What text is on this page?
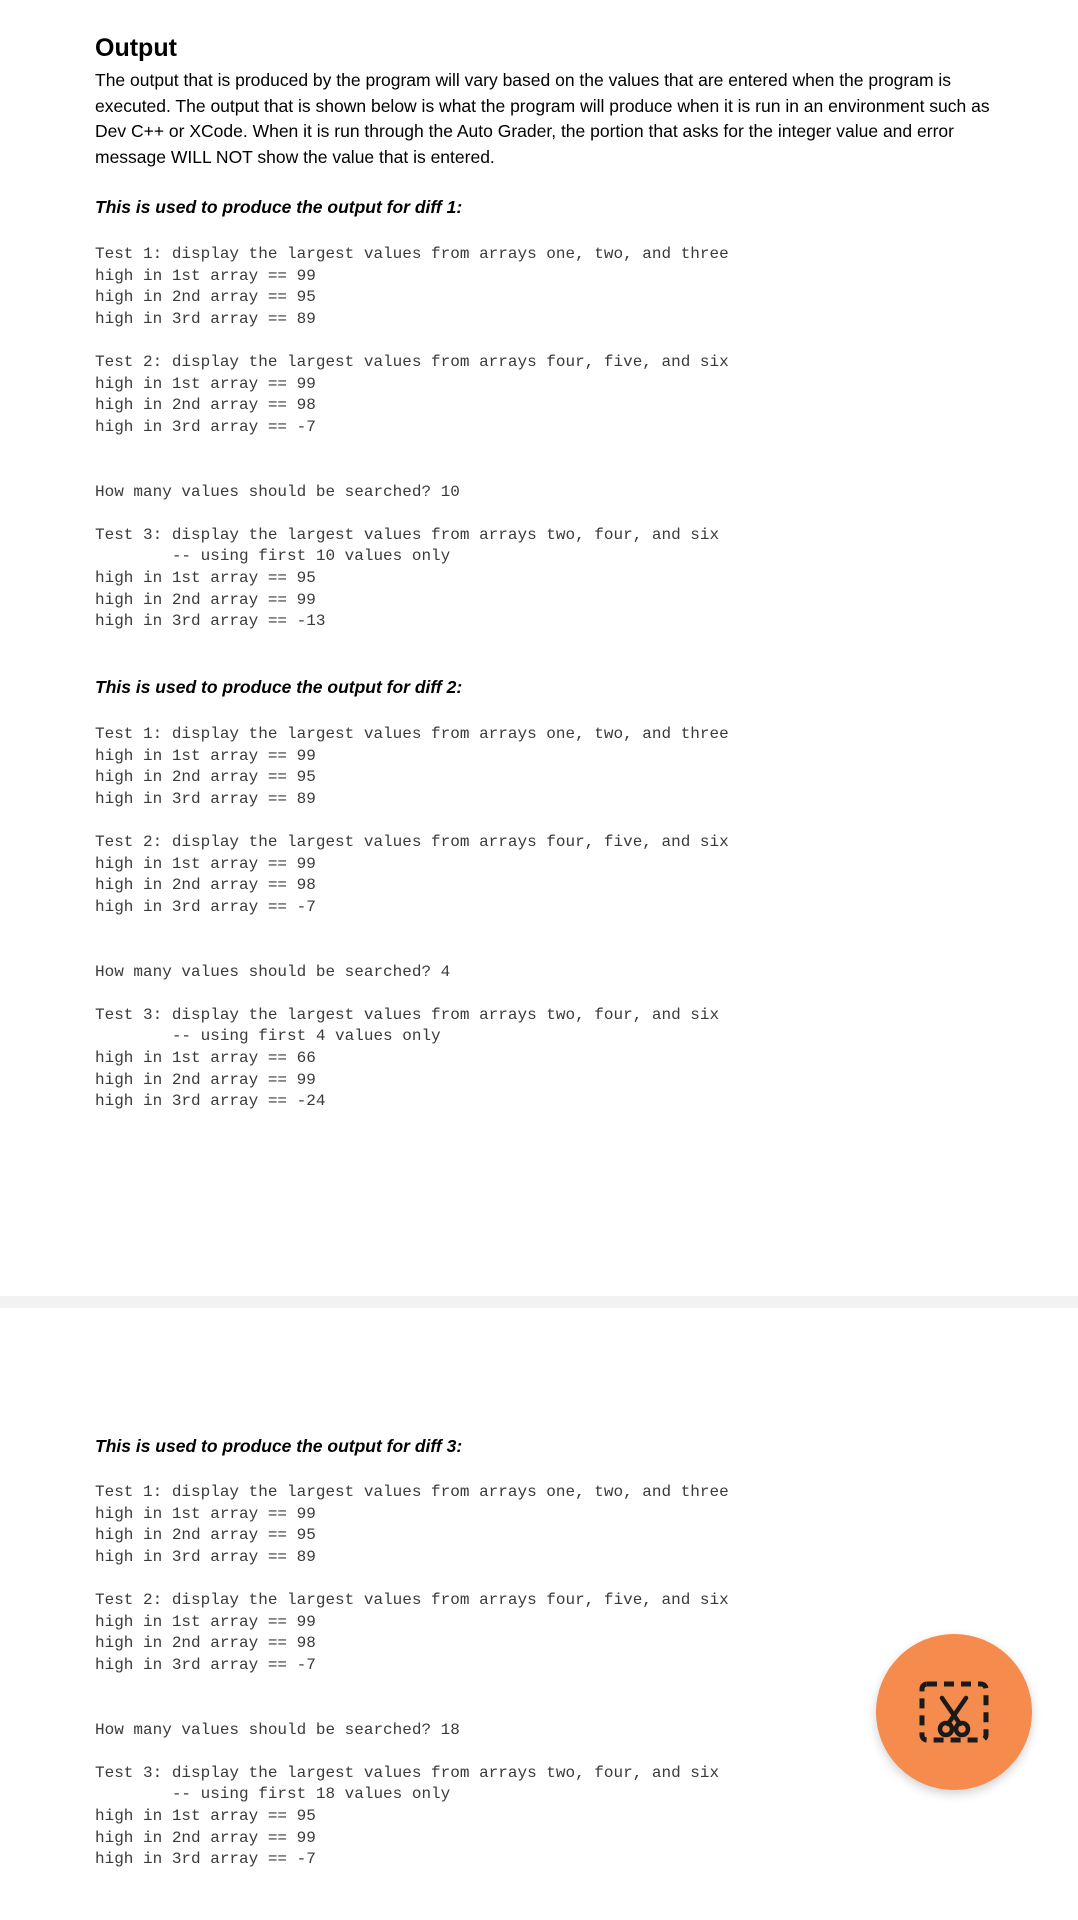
Output

The output that is produced by the program will vary based on the values that are entered when the program is executed. The output that is shown below is what the program will produce when it is run in an environment such as Dev C++ or XCode. When it is run through the Auto Grader, the portion that asks for the integer value and error message WILL NOT show the value that is entered.

This is used to produce the output for diff 1:

Test 1: display the largest values from arrays one, two, and three
high in 1st array == 99
high in 2nd array == 95
high in 3rd array == 89
Test 2: display the largest values from arrays four, five, and six
high in 1st array == 99
high in 2nd array == 98
high in 3rd array == -7
How many values should be searched? 10
Test 3: display the largest values from arrays two, four, and six
-- using first 10 values only
high in 1st array == 95
high in 2nd array == 99
high in 3rd array == -13

This is used to produce the output for diff 2:

Test 1: display the largest values from arrays one, two, and three
high in 1st array == 99
high in 2nd array == 95
high in 3rd array == 89
Test 2: display the largest values from arrays four, five, and six
high in 1st array == 99
high in 2nd array == 98
high in 3rd array == -7
How many values should be searched? 4
Test 3: display the largest values from arrays two, four, and six
-- using first 4 values only
high in 1st array == 66
high in 2nd array == 99
high in 3rd array == -24

This is used to produce the output for diff 3:

Test 1: display the largest values from arrays one, two, and three
high in 1st array == 99
high in 2nd array == 95
high in 3rd array == 89
Test 2: display the largest values from arrays four, five, and six
high in 1st array == 99
high in 2nd array == 98
high in 3rd array == -7
How many values should be searched? 18
Test 3: display the largest values from arrays two, four, and six
-- using first 18 values only
high in 1st array == 95
high in 2nd array == 99
high in 3rd array == -7
